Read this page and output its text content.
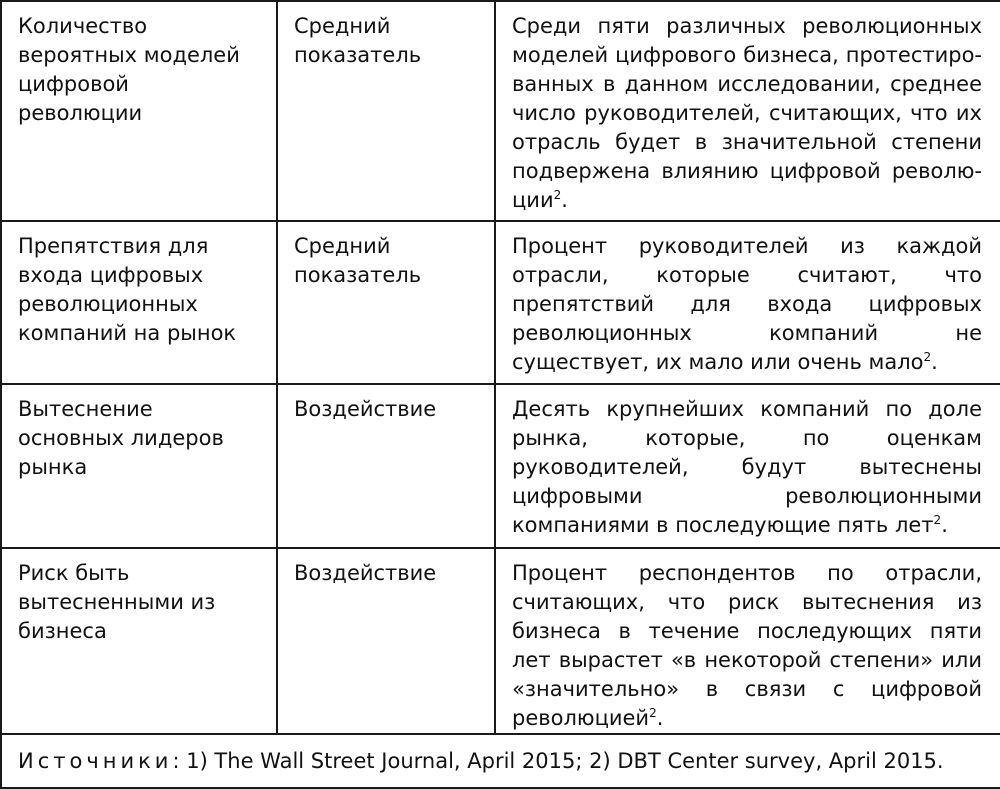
Количество вероятных моделей цифровой революции	Средний показатель	Среди пяти различных революционных моделей цифрового бизнеса, протестиро-ванных в данном исследовании, среднее число руководителей, считающих, что их отрасль будет в значительной степени подвержена влиянию цифровой револю-ции$^2$.

Препятствия для входа цифровых революционных компаний на рынок	Средний показатель	Процент руководителей из каждой отрасли, которые считают, что препятствий для входа цифровых революционных компаний не существует, их мало или очень мало$^2$.

Вытеснение основных лидеров рынка	Воздействие	Десять крупнейших компаний по доле рынка, которые, по оценкам руководителей, будут вытеснены цифровыми революционными компаниями в последующие пять лет$^2$.

Риск быть вытесненными из бизнеса	Воздействие	Процент респондентов по отрасли, считающих, что риск вытеснения из бизнеса в течение последующих пяти лет вырастет «в некоторой степени» или «значительно» в связи с цифровой революцией$^2$.
Источники: 1) The Wall Street Journal, April 2015; 2) DBT Center survey, April 2015.		
